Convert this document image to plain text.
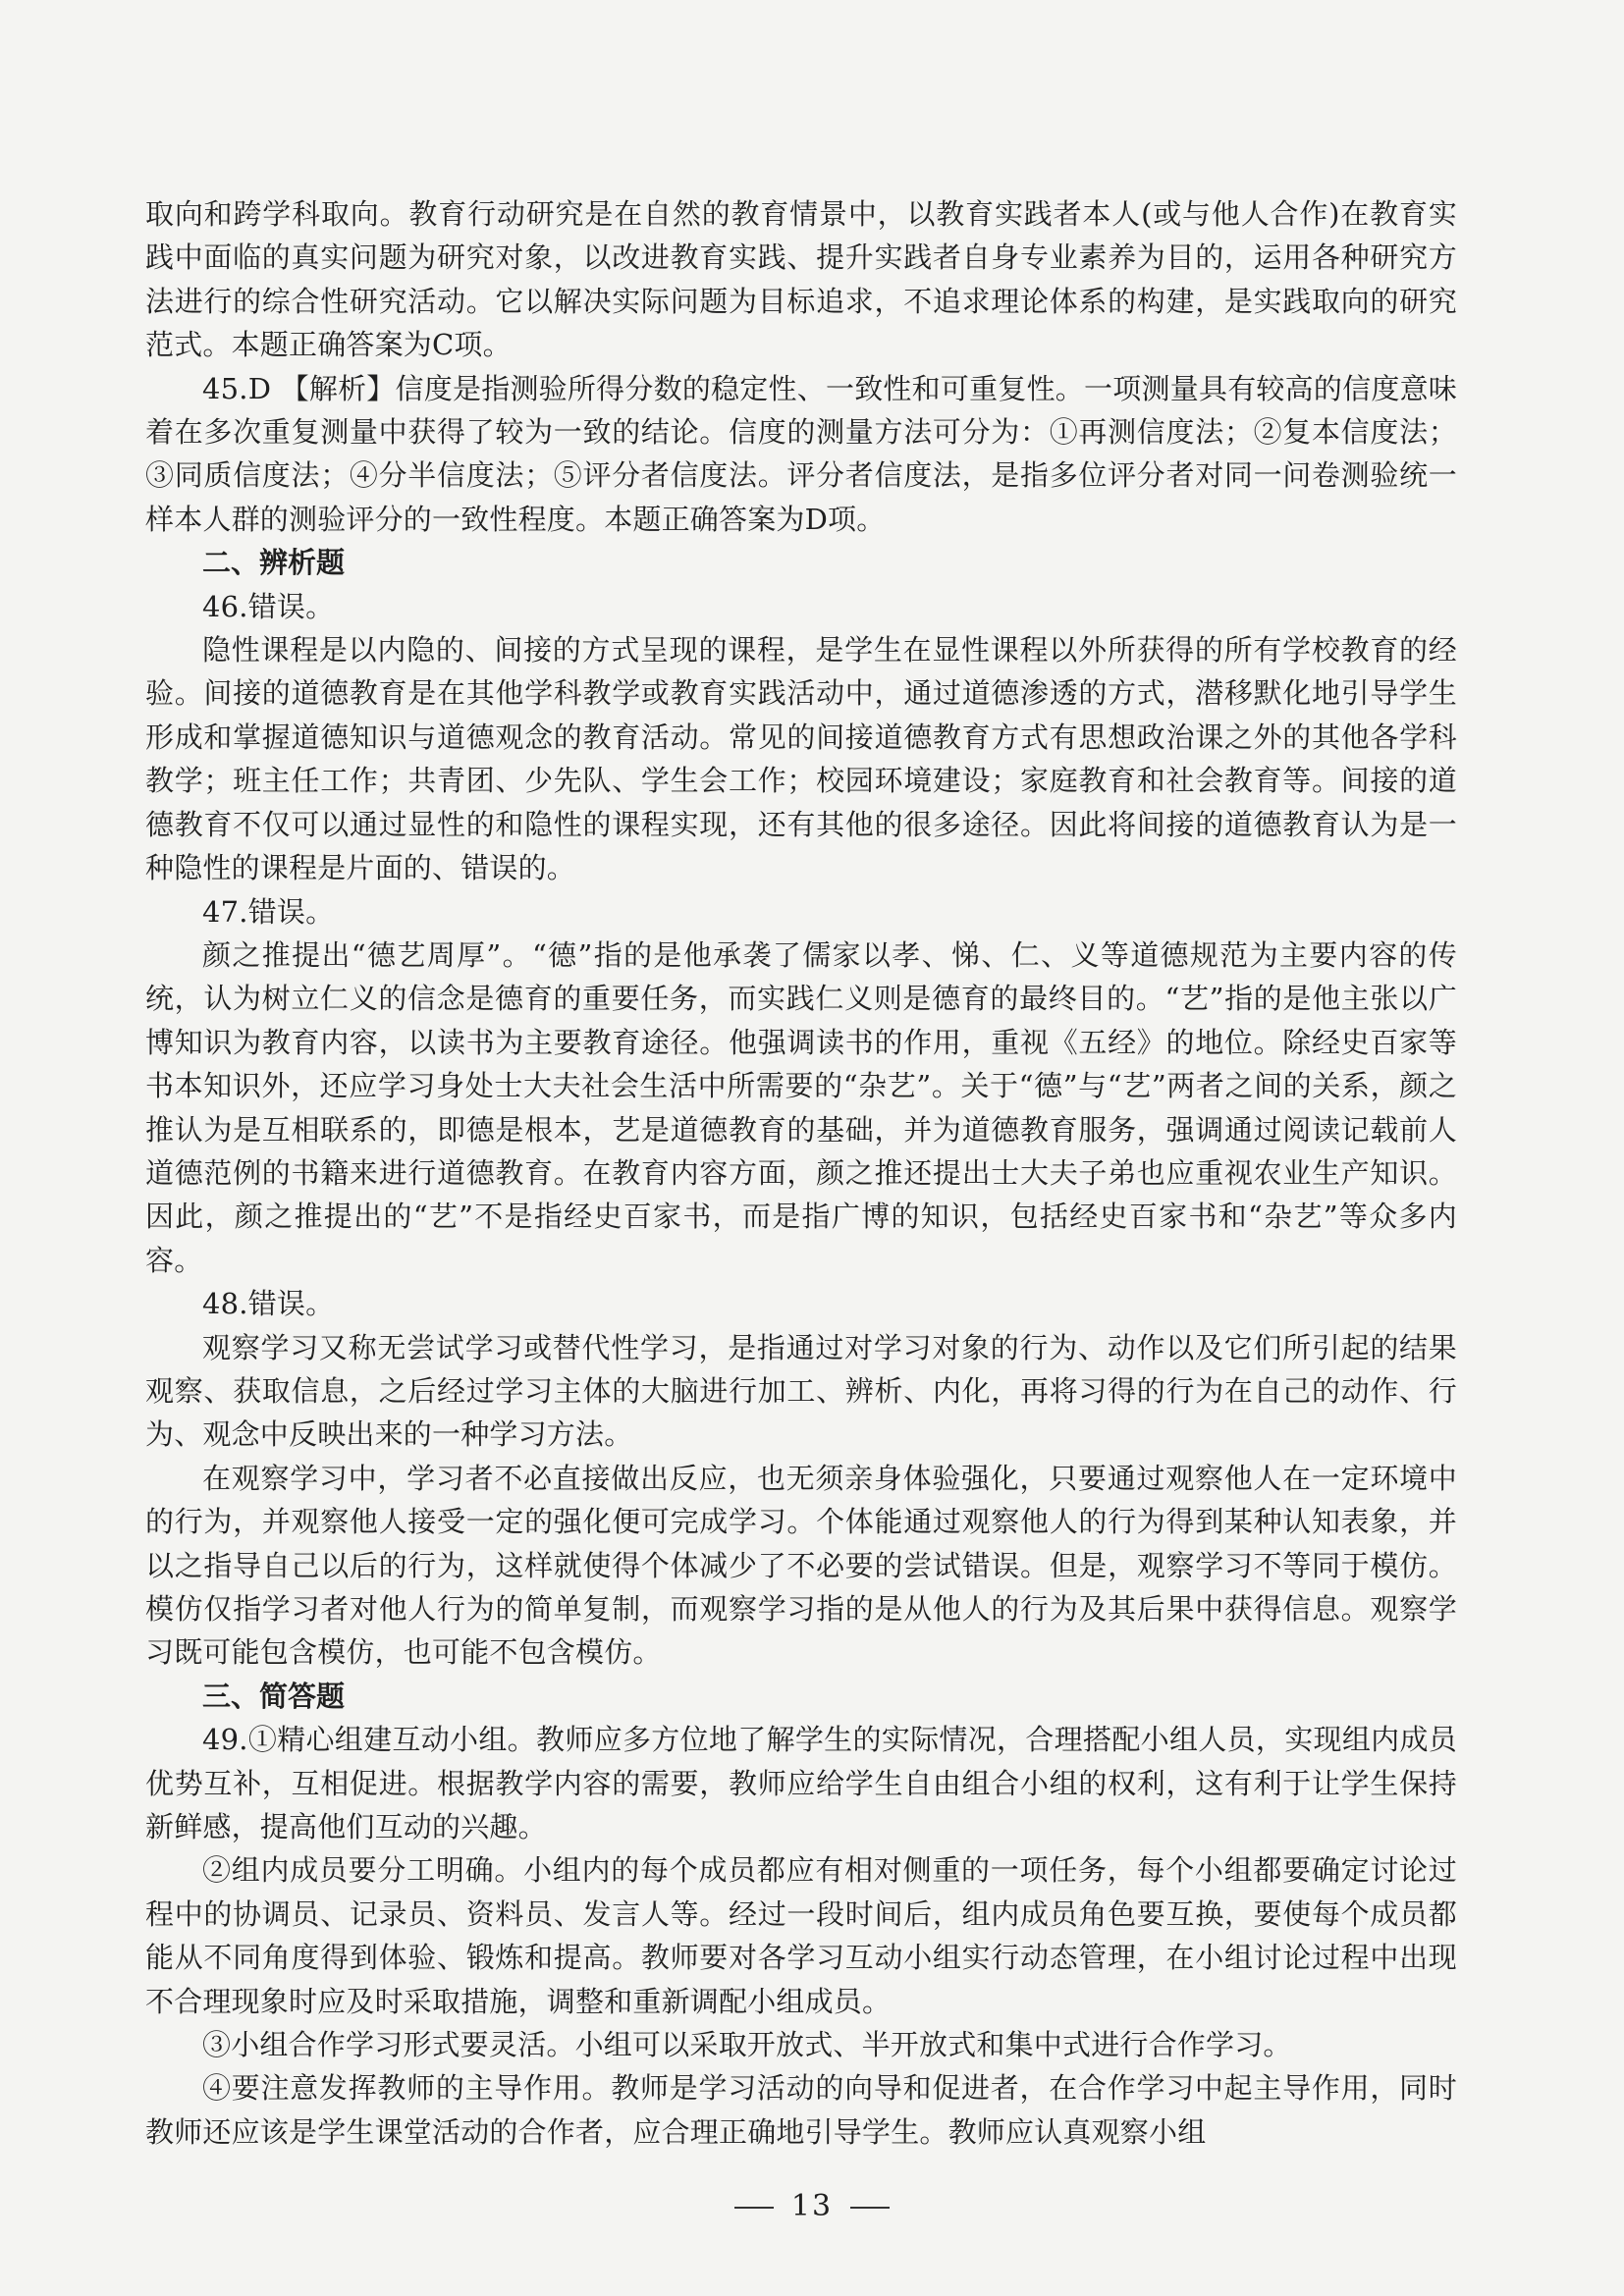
取向和跨学科取向。教育行动研究是在自然的教育情景中，以教育实践者本人(或与他人合作)在教育实践中面临的真实问题为研究对象，以改进教育实践、提升实践者自身专业素养为目的，运用各种研究方法进行的综合性研究活动。它以解决实际问题为目标追求，不追求理论体系的构建，是实践取向的研究范式。本题正确答案为C项。

45.D 【解析】信度是指测验所得分数的稳定性、一致性和可重复性。一项测量具有较高的信度意味着在多次重复测量中获得了较为一致的结论。信度的测量方法可分为：①再测信度法；②复本信度法；③同质信度法；④分半信度法；⑤评分者信度法。评分者信度法，是指多位评分者对同一问卷测验统一样本人群的测验评分的一致性程度。本题正确答案为D项。

二、辨析题

46.错误。

隐性课程是以内隐的、间接的方式呈现的课程，是学生在显性课程以外所获得的所有学校教育的经验。间接的道德教育是在其他学科教学或教育实践活动中，通过道德渗透的方式，潜移默化地引导学生形成和掌握道德知识与道德观念的教育活动。常见的间接道德教育方式有思想政治课之外的其他各学科教学；班主任工作；共青团、少先队、学生会工作；校园环境建设；家庭教育和社会教育等。间接的道德教育不仅可以通过显性的和隐性的课程实现，还有其他的很多途径。因此将间接的道德教育认为是一种隐性的课程是片面的、错误的。

47.错误。

颜之推提出“德艺周厚”。“德”指的是他承袭了儒家以孝、悌、仁、义等道德规范为主要内容的传统，认为树立仁义的信念是德育的重要任务，而实践仁义则是德育的最终目的。“艺”指的是他主张以广博知识为教育内容，以读书为主要教育途径。他强调读书的作用，重视《五经》的地位。除经史百家等书本知识外，还应学习身处士大夫社会生活中所需要的“杂艺”。关于“德”与“艺”两者之间的关系，颜之推认为是互相联系的，即德是根本，艺是道德教育的基础，并为道德教育服务，强调通过阅读记载前人道德范例的书籍来进行道德教育。在教育内容方面，颜之推还提出士大夫子弟也应重视农业生产知识。因此，颜之推提出的“艺”不是指经史百家书，而是指广博的知识，包括经史百家书和“杂艺”等众多内容。

48.错误。

观察学习又称无尝试学习或替代性学习，是指通过对学习对象的行为、动作以及它们所引起的结果观察、获取信息，之后经过学习主体的大脑进行加工、辨析、内化，再将习得的行为在自己的动作、行为、观念中反映出来的一种学习方法。

在观察学习中，学习者不必直接做出反应，也无须亲身体验强化，只要通过观察他人在一定环境中的行为，并观察他人接受一定的强化便可完成学习。个体能通过观察他人的行为得到某种认知表象，并以之指导自己以后的行为，这样就使得个体减少了不必要的尝试错误。但是，观察学习不等同于模仿。模仿仅指学习者对他人行为的简单复制，而观察学习指的是从他人的行为及其后果中获得信息。观察学习既可能包含模仿，也可能不包含模仿。

三、简答题

49.①精心组建互动小组。教师应多方位地了解学生的实际情况，合理搭配小组人员，实现组内成员优势互补，互相促进。根据教学内容的需要，教师应给学生自由组合小组的权利，这有利于让学生保持新鲜感，提高他们互动的兴趣。

②组内成员要分工明确。小组内的每个成员都应有相对侧重的一项任务，每个小组都要确定讨论过程中的协调员、记录员、资料员、发言人等。经过一段时间后，组内成员角色要互换，要使每个成员都能从不同角度得到体验、锻炼和提高。教师要对各学习互动小组实行动态管理，在小组讨论过程中出现不合理现象时应及时采取措施，调整和重新调配小组成员。

③小组合作学习形式要灵活。小组可以采取开放式、半开放式和集中式进行合作学习。

④要注意发挥教师的主导作用。教师是学习活动的向导和促进者，在合作学习中起主导作用，同时教师还应该是学生课堂活动的合作者，应合理正确地引导学生。教师应认真观察小组

13
